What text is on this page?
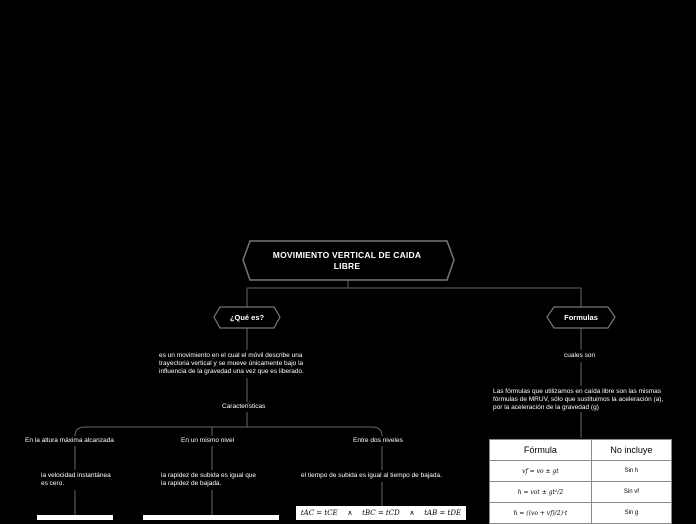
MOVIMIENTO VERTICAL DE CAIDA LIBRE
¿Qué es?	Formulas
es un movimiento en el cual el móvil describe una trayectoria vertical y se mueve únicamente bajo la influencia de la gravedad una vez que es liberado.
Características
En la altura máxima alcanzada	En un mismo nivel	Entre dos niveles
la velocidad instantánea es cero.
la rapidez de subida es igual que la rapidez de bajada.
el tiempo de subida es igual al tiempo de bajada.
tAC = tCE ∧ tBC = tCD ∧ tAB = tDE
cuales son
Las fórmulas que utilizamos en caída libre son las mismas fórmulas de MRUV, sólo que sustituimos la aceleración (a), por la aceleración de la gravedad (g)
Fórmula	No incluye
vf = vo ± gt	Sin h
h = vot ± gt²/2	Sin vf
h = ((vo + vf)/2)·t	Sin g
